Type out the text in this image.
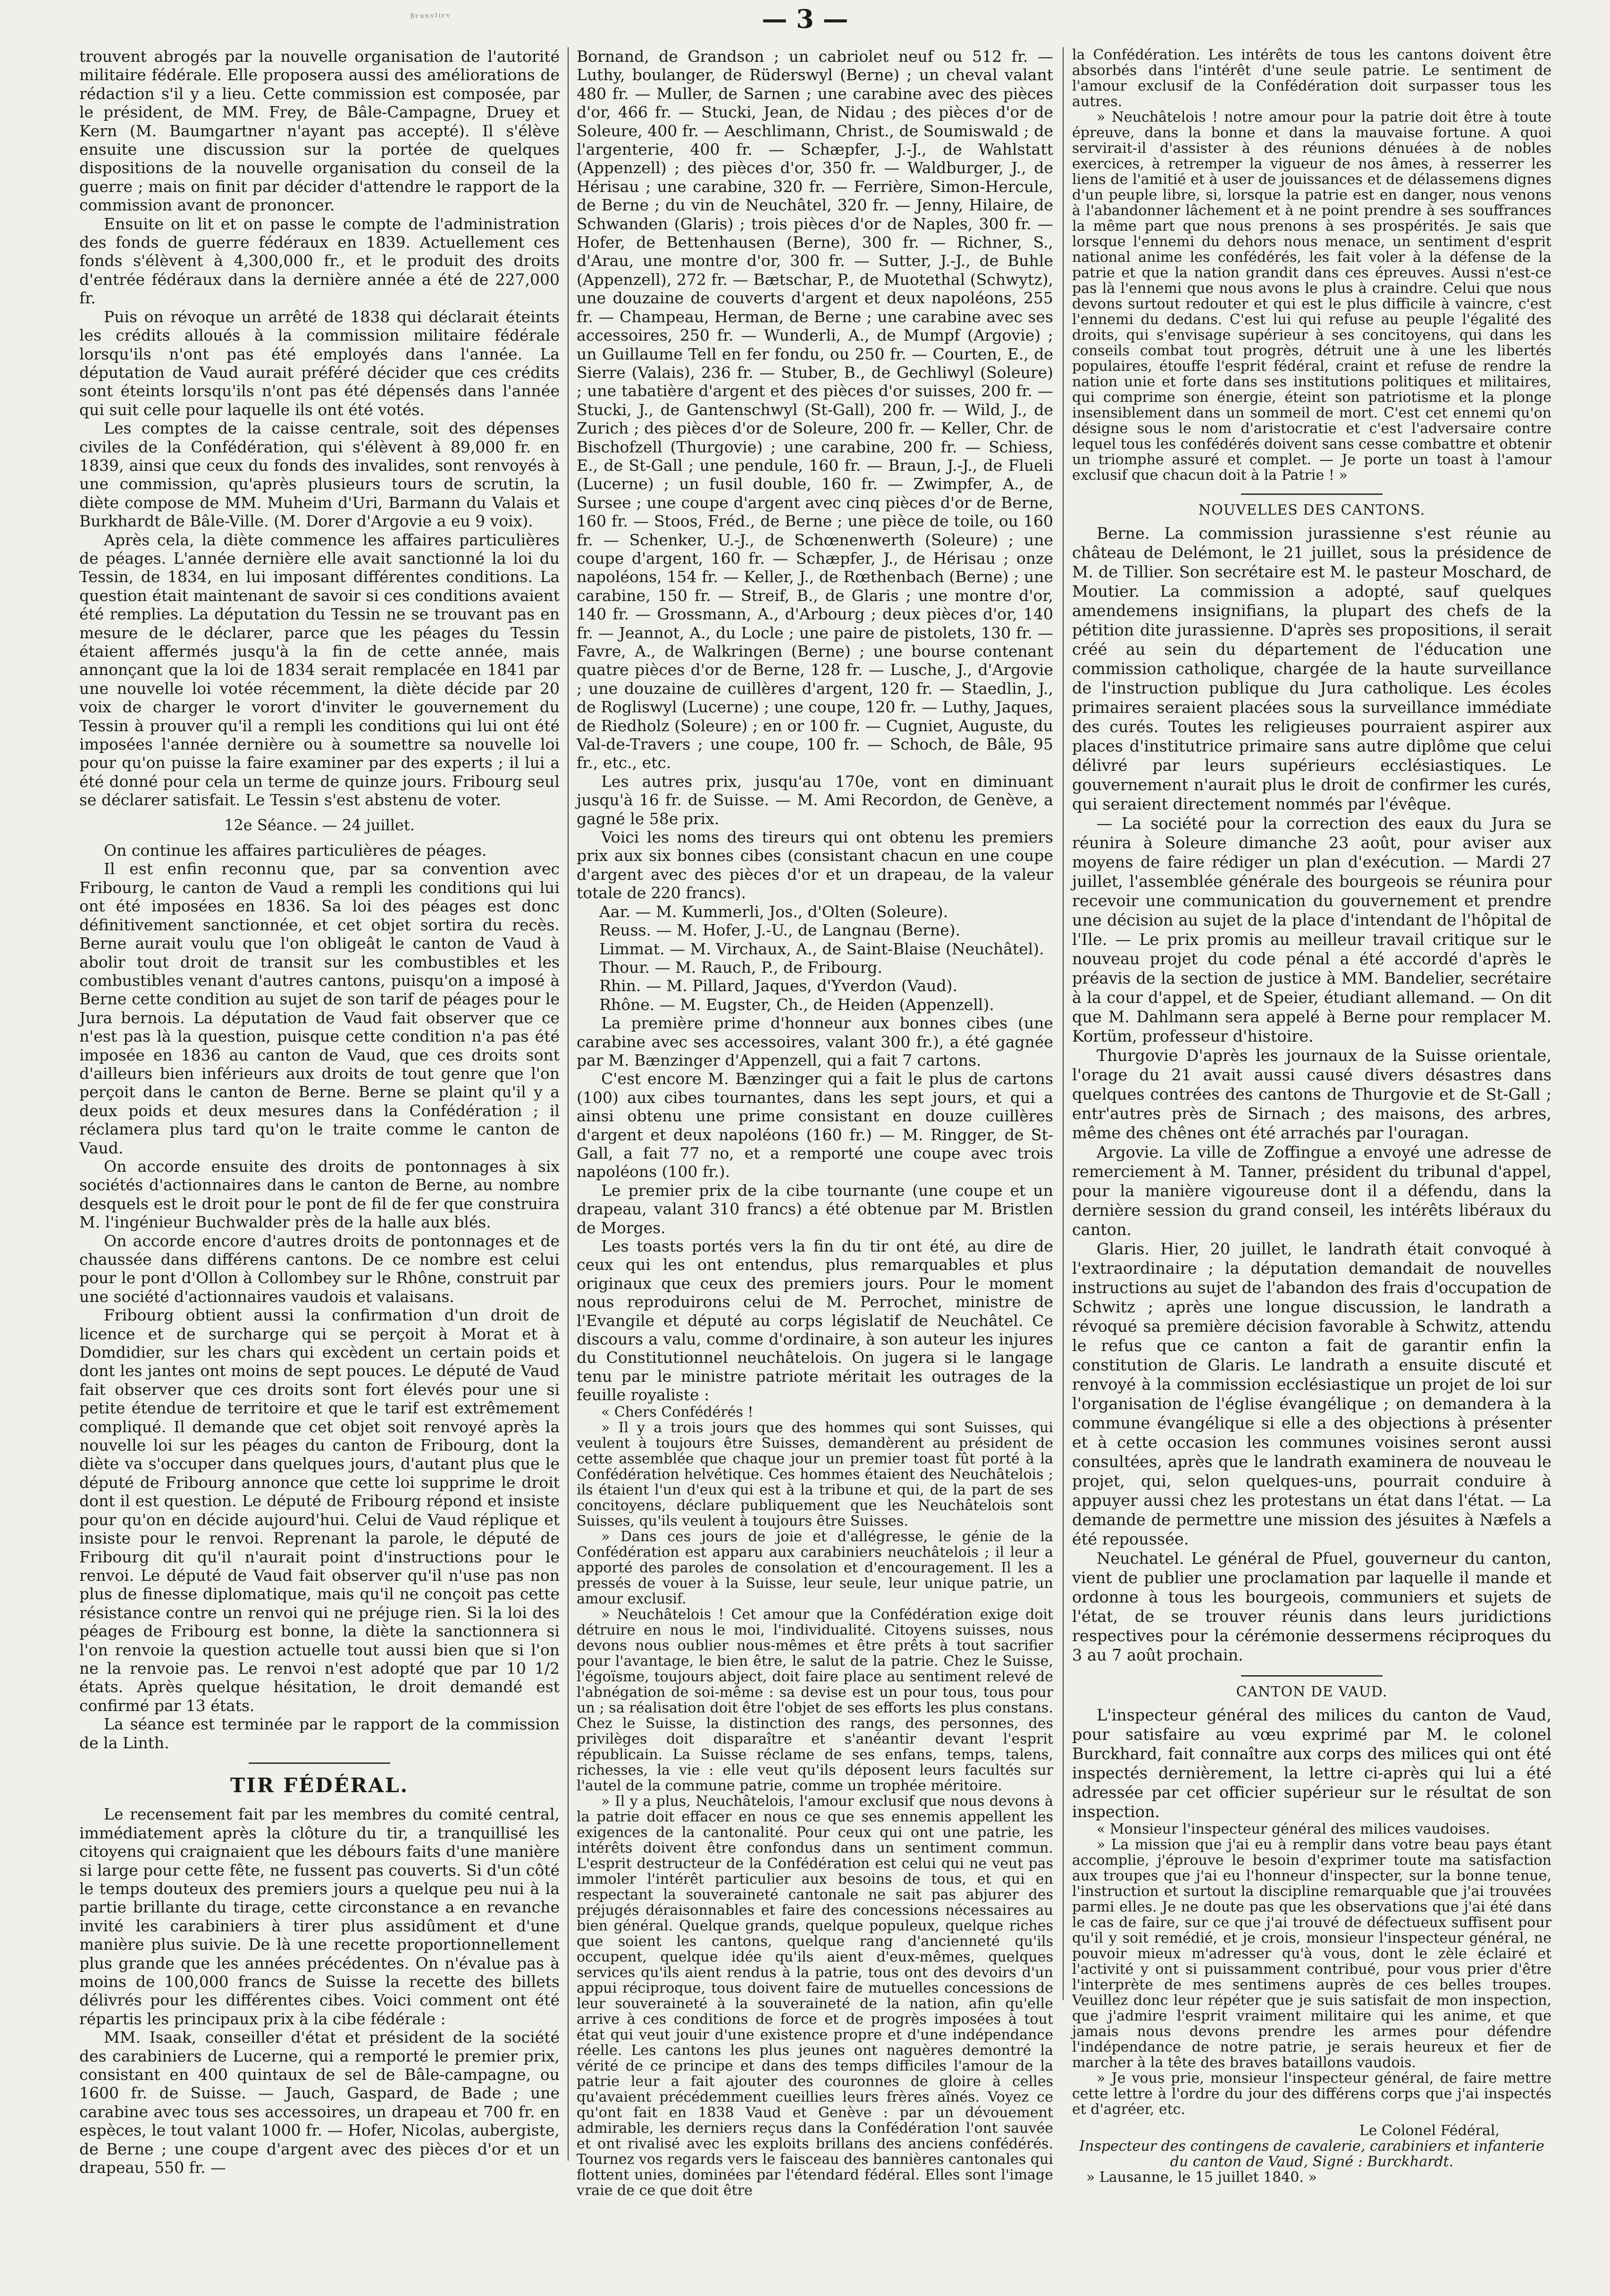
ᵦᵣᵤₙᵥₗᵢᵣᵥ	— 3 —

trouvent abrogés par la nouvelle organisation de l'autorité militaire fédérale. Elle proposera aussi des améliorations de rédaction s'il y a lieu. Cette commission est composée, par le président, de MM. Frey, de Bâle-Campagne, Druey et Kern (M. Baumgartner n'ayant pas accepté). Il s'élève ensuite une discussion sur la portée de quelques dispositions de la nouvelle organisation du conseil de la guerre ; mais on finit par décider d'attendre le rapport de la commission avant de prononcer.

Ensuite on lit et on passe le compte de l'administration des fonds de guerre fédéraux en 1839. Actuellement ces fonds s'élèvent à 4,300,000 fr., et le produit des droits d'entrée fédéraux dans la dernière année a été de 227,000 fr.

Puis on révoque un arrêté de 1838 qui déclarait éteints les crédits alloués à la commission militaire fédérale lorsqu'ils n'ont pas été employés dans l'année. La députation de Vaud aurait préféré décider que ces crédits sont éteints lorsqu'ils n'ont pas été dépensés dans l'année qui suit celle pour laquelle ils ont été votés.

Les comptes de la caisse centrale, soit des dépenses civiles de la Confédération, qui s'élèvent à 89,000 fr. en 1839, ainsi que ceux du fonds des invalides, sont renvoyés à une commission, qu'après plusieurs tours de scrutin, la diète compose de MM. Muheim d'Uri, Barmann du Valais et Burkhardt de Bâle-Ville. (M. Dorer d'Argovie a eu 9 voix).

Après cela, la diète commence les affaires particulières de péages. L'année dernière elle avait sanctionné la loi du Tessin, de 1834, en lui imposant différentes conditions. La question était maintenant de savoir si ces conditions avaient été remplies. La députation du Tessin ne se trouvant pas en mesure de le déclarer, parce que les péages du Tessin étaient affermés jusqu'à la fin de cette année, mais annonçant que la loi de 1834 serait remplacée en 1841 par une nouvelle loi votée récemment, la diète décide par 20 voix de charger le vorort d'inviter le gouvernement du Tessin à prouver qu'il a rempli les conditions qui lui ont été imposées l'année dernière ou à soumettre sa nouvelle loi pour qu'on puisse la faire examiner par des experts ; il lui a été donné pour cela un terme de quinze jours. Fribourg seul se déclarer satisfait. Le Tessin s'est abstenu de voter.

12e Séance. — 24 juillet.

On continue les affaires particulières de péages.

Il est enfin reconnu que, par sa convention avec Fribourg, le canton de Vaud a rempli les conditions qui lui ont été imposées en 1836. Sa loi des péages est donc définitivement sanctionnée, et cet objet sortira du recès. Berne aurait voulu que l'on obligeât le canton de Vaud à abolir tout droit de transit sur les combustibles et les combustibles venant d'autres cantons, puisqu'on a imposé à Berne cette condition au sujet de son tarif de péages pour le Jura bernois. La députation de Vaud fait observer que ce n'est pas là la question, puisque cette condition n'a pas été imposée en 1836 au canton de Vaud, que ces droits sont d'ailleurs bien inférieurs aux droits de tout genre que l'on perçoit dans le canton de Berne. Berne se plaint qu'il y a deux poids et deux mesures dans la Confédération ; il réclamera plus tard qu'on le traite comme le canton de Vaud.

On accorde ensuite des droits de pontonnages à six sociétés d'actionnaires dans le canton de Berne, au nombre desquels est le droit pour le pont de fil de fer que construira M. l'ingénieur Buchwalder près de la halle aux blés.

On accorde encore d'autres droits de pontonnages et de chaussée dans différens cantons. De ce nombre est celui pour le pont d'Ollon à Collombey sur le Rhône, construit par une société d'actionnaires vaudois et valaisans.

Fribourg obtient aussi la confirmation d'un droit de licence et de surcharge qui se perçoit à Morat et à Domdidier, sur les chars qui excèdent un certain poids et dont les jantes ont moins de sept pouces. Le député de Vaud fait observer que ces droits sont fort élevés pour une si petite étendue de territoire et que le tarif est extrêmement compliqué. Il demande que cet objet soit renvoyé après la nouvelle loi sur les péages du canton de Fribourg, dont la diète va s'occuper dans quelques jours, d'autant plus que le député de Fribourg annonce que cette loi supprime le droit dont il est question. Le député de Fribourg répond et insiste pour qu'on en décide aujourd'hui. Celui de Vaud réplique et insiste pour le renvoi. Reprenant la parole, le député de Fribourg dit qu'il n'aurait point d'instructions pour le renvoi. Le député de Vaud fait observer qu'il n'use pas non plus de finesse diplomatique, mais qu'il ne conçoit pas cette résistance contre un renvoi qui ne préjuge rien. Si la loi des péages de Fribourg est bonne, la diète la sanctionnera si l'on renvoie la question actuelle tout aussi bien que si l'on ne la renvoie pas. Le renvoi n'est adopté que par 10 1/2 états. Après quelque hésitation, le droit demandé est confirmé par 13 états.

La séance est terminée par le rapport de la commission de la Linth.

TIR FÉDÉRAL.

Le recensement fait par les membres du comité central, immédiatement après la clôture du tir, a tranquillisé les citoyens qui craignaient que les débours faits d'une manière si large pour cette fête, ne fussent pas couverts. Si d'un côté le temps douteux des premiers jours a quelque peu nui à la partie brillante du tirage, cette circonstance a en revanche invité les carabiniers à tirer plus assidûment et d'une manière plus suivie. De là une recette proportionnellement plus grande que les années précédentes. On n'évalue pas à moins de 100,000 francs de Suisse la recette des billets délivrés pour les différentes cibes. Voici comment ont été répartis les principaux prix à la cibe fédérale :

MM. Isaak, conseiller d'état et président de la société des carabiniers de Lucerne, qui a remporté le premier prix, consistant en 400 quintaux de sel de Bâle-campagne, ou 1600 fr. de Suisse. — Jauch, Gaspard, de Bade ; une carabine avec tous ses accessoires, un drapeau et 700 fr. en espèces, le tout valant 1000 fr. — Hofer, Nicolas, aubergiste, de Berne ; une coupe d'argent avec des pièces d'or et un drapeau, 550 fr. —

Bornand, de Grandson ; un cabriolet neuf ou 512 fr. — Luthy, boulanger, de Rüderswyl (Berne) ; un cheval valant 480 fr. — Muller, de Sarnen ; une carabine avec des pièces d'or, 466 fr. — Stucki, Jean, de Nidau ; des pièces d'or de Soleure, 400 fr. — Aeschlimann, Christ., de Soumiswald ; de l'argenterie, 400 fr. — Schæpfer, J.-J., de Wahlstatt (Appenzell) ; des pièces d'or, 350 fr. — Waldburger, J., de Hérisau ; une carabine, 320 fr. — Ferrière, Simon-Hercule, de Berne ; du vin de Neuchâtel, 320 fr. — Jenny, Hilaire, de Schwanden (Glaris) ; trois pièces d'or de Naples, 300 fr. — Hofer, de Bettenhausen (Berne), 300 fr. — Richner, S., d'Arau, une montre d'or, 300 fr. — Sutter, J.-J., de Buhle (Appenzell), 272 fr. — Bætschar, P., de Muotethal (Schwytz), une douzaine de couverts d'argent et deux napoléons, 255 fr. — Champeau, Herman, de Berne ; une carabine avec ses accessoires, 250 fr. — Wunderli, A., de Mumpf (Argovie) ; un Guillaume Tell en fer fondu, ou 250 fr. — Courten, E., de Sierre (Valais), 236 fr. — Stuber, B., de Gechliwyl (Soleure) ; une tabatière d'argent et des pièces d'or suisses, 200 fr. — Stucki, J., de Gantenschwyl (St-Gall), 200 fr. — Wild, J., de Zurich ; des pièces d'or de Soleure, 200 fr. — Keller, Chr. de Bischofzell (Thurgovie) ; une carabine, 200 fr. — Schiess, E., de St-Gall ; une pendule, 160 fr. — Braun, J.-J., de Flueli (Lucerne) ; un fusil double, 160 fr. — Zwimpfer, A., de Sursee ; une coupe d'argent avec cinq pièces d'or de Berne, 160 fr. — Stoos, Fréd., de Berne ; une pièce de toile, ou 160 fr. — Schenker, U.-J., de Schœnenwerth (Soleure) ; une coupe d'argent, 160 fr. — Schæpfer, J., de Hérisau ; onze napoléons, 154 fr. — Keller, J., de Rœthenbach (Berne) ; une carabine, 150 fr. — Streif, B., de Glaris ; une montre d'or, 140 fr. — Grossmann, A., d'Arbourg ; deux pièces d'or, 140 fr. — Jeannot, A., du Locle ; une paire de pistolets, 130 fr. — Favre, A., de Walkringen (Berne) ; une bourse contenant quatre pièces d'or de Berne, 128 fr. — Lusche, J., d'Argovie ; une douzaine de cuillères d'argent, 120 fr. — Staedlin, J., de Rogliswyl (Lucerne) ; une coupe, 120 fr. — Luthy, Jaques, de Riedholz (Soleure) ; en or 100 fr. — Cugniet, Auguste, du Val-de-Travers ; une coupe, 100 fr. — Schoch, de Bâle, 95 fr., etc., etc.

Les autres prix, jusqu'au 170e, vont en diminuant jusqu'à 16 fr. de Suisse. — M. Ami Recordon, de Genève, a gagné le 58e prix.

Voici les noms des tireurs qui ont obtenu les premiers prix aux six bonnes cibes (consistant chacun en une coupe d'argent avec des pièces d'or et un drapeau, de la valeur totale de 220 francs).

Aar. — M. Kummerli, Jos., d'Olten (Soleure).

Reuss. — M. Hofer, J.-U., de Langnau (Berne).

Limmat. — M. Virchaux, A., de Saint-Blaise (Neuchâtel).

Thour. — M. Rauch, P., de Fribourg.

Rhin. — M. Pillard, Jaques, d'Yverdon (Vaud).

Rhône. — M. Eugster, Ch., de Heiden (Appenzell).

La première prime d'honneur aux bonnes cibes (une carabine avec ses accessoires, valant 300 fr.), a été gagnée par M. Bænzinger d'Appenzell, qui a fait 7 cartons.

C'est encore M. Bænzinger qui a fait le plus de cartons (100) aux cibes tournantes, dans les sept jours, et qui a ainsi obtenu une prime consistant en douze cuillères d'argent et deux napoléons (160 fr.) — M. Ringger, de St-Gall, a fait 77 no, et a remporté une coupe avec trois napoléons (100 fr.).

Le premier prix de la cibe tournante (une coupe et un drapeau, valant 310 francs) a été obtenue par M. Bristlen de Morges.

Les toasts portés vers la fin du tir ont été, au dire de ceux qui les ont entendus, plus remarquables et plus originaux que ceux des premiers jours. Pour le moment nous reproduirons celui de M. Perrochet, ministre de l'Evangile et député au corps législatif de Neuchâtel. Ce discours a valu, comme d'ordinaire, à son auteur les injures du Constitutionnel neuchâtelois. On jugera si le langage tenu par le ministre patriote méritait les outrages de la feuille royaliste :

« Chers Confédérés !

» Il y a trois jours que des hommes qui sont Suisses, qui veulent à toujours être Suisses, demandèrent au président de cette assemblée que chaque jour un premier toast fût porté à la Confédération helvétique. Ces hommes étaient des Neuchâtelois ; ils étaient l'un d'eux qui est à la tribune et qui, de la part de ses concitoyens, déclare publiquement que les Neuchâtelois sont Suisses, qu'ils veulent à toujours être Suisses.

» Dans ces jours de joie et d'allégresse, le génie de la Confédération est apparu aux carabiniers neuchâtelois ; il leur a apporté des paroles de consolation et d'encouragement. Il les a pressés de vouer à la Suisse, leur seule, leur unique patrie, un amour exclusif.

» Neuchâtelois ! Cet amour que la Confédération exige doit détruire en nous le moi, l'individualité. Citoyens suisses, nous devons nous oublier nous-mêmes et être prêts à tout sacrifier pour l'avantage, le bien être, le salut de la patrie. Chez le Suisse, l'égoïsme, toujours abject, doit faire place au sentiment relevé de l'abnégation de soi-même : sa devise est un pour tous, tous pour un ; sa réalisation doit être l'objet de ses efforts les plus constans. Chez le Suisse, la distinction des rangs, des personnes, des privilèges doit disparaître et s'anéantir devant l'esprit républicain. La Suisse réclame de ses enfans, temps, talens, richesses, la vie : elle veut qu'ils déposent leurs facultés sur l'autel de la commune patrie, comme un trophée méritoire.

» Il y a plus, Neuchâtelois, l'amour exclusif que nous devons à la patrie doit effacer en nous ce que ses ennemis appellent les exigences de la cantonalité. Pour ceux qui ont une patrie, les intérêts doivent être confondus dans un sentiment commun. L'esprit destructeur de la Confédération est celui qui ne veut pas immoler l'intérêt particulier aux besoins de tous, et qui en respectant la souveraineté cantonale ne sait pas abjurer des préjugés déraisonnables et faire des concessions nécessaires au bien général. Quelque grands, quelque populeux, quelque riches que soient les cantons, quelque rang d'ancienneté qu'ils occupent, quelque idée qu'ils aient d'eux-mêmes, quelques services qu'ils aient rendus à la patrie, tous ont des devoirs d'un appui réciproque, tous doivent faire de mutuelles concessions de leur souveraineté à la souveraineté de la nation, afin qu'elle arrive à ces conditions de force et de progrès imposées à tout état qui veut jouir d'une existence propre et d'une indépendance réelle. Les cantons les plus jeunes ont naguères demontré la vérité de ce principe et dans des temps difficiles l'amour de la patrie leur a fait ajouter des couronnes de gloire à celles qu'avaient précédemment cueillies leurs frères aînés. Voyez ce qu'ont fait en 1838 Vaud et Genève : par un dévouement admirable, les derniers reçus dans la Confédération l'ont sauvée et ont rivalisé avec les exploits brillans des anciens confédérés. Tournez vos regards vers le faisceau des bannières cantonales qui flottent unies, dominées par l'étendard fédéral. Elles sont l'image vraie de ce que doit être

la Confédération. Les intérêts de tous les cantons doivent être absorbés dans l'intérêt d'une seule patrie. Le sentiment de l'amour exclusif de la Confédération doit surpasser tous les autres.

» Neuchâtelois ! notre amour pour la patrie doit être à toute épreuve, dans la bonne et dans la mauvaise fortune. A quoi servirait-il d'assister à des réunions dénuées à de nobles exercices, à retremper la vigueur de nos âmes, à resserrer les liens de l'amitié et à user de jouissances et de délassemens dignes d'un peuple libre, si, lorsque la patrie est en danger, nous venons à l'abandonner lâchement et à ne point prendre à ses souffrances la même part que nous prenons à ses prospérités. Je sais que lorsque l'ennemi du dehors nous menace, un sentiment d'esprit national anime les confédérés, les fait voler à la défense de la patrie et que la nation grandit dans ces épreuves. Aussi n'est-ce pas là l'ennemi que nous avons le plus à craindre. Celui que nous devons surtout redouter et qui est le plus difficile à vaincre, c'est l'ennemi du dedans. C'est lui qui refuse au peuple l'égalité des droits, qui s'envisage supérieur à ses concitoyens, qui dans les conseils combat tout progrès, détruit une à une les libertés populaires, étouffe l'esprit fédéral, craint et refuse de rendre la nation unie et forte dans ses institutions politiques et militaires, qui comprime son énergie, éteint son patriotisme et la plonge insensiblement dans un sommeil de mort. C'est cet ennemi qu'on désigne sous le nom d'aristocratie et c'est l'adversaire contre lequel tous les confédérés doivent sans cesse combattre et obtenir un triomphe assuré et complet. — Je porte un toast à l'amour exclusif que chacun doit à la Patrie ! »

NOUVELLES DES CANTONS.

Berne. La commission jurassienne s'est réunie au château de Delémont, le 21 juillet, sous la présidence de M. de Tillier. Son secrétaire est M. le pasteur Moschard, de Moutier. La commission a adopté, sauf quelques amendemens insignifians, la plupart des chefs de la pétition dite jurassienne. D'après ses propositions, il serait créé au sein du département de l'éducation une commission catholique, chargée de la haute surveillance de l'instruction publique du Jura catholique. Les écoles primaires seraient placées sous la surveillance immédiate des curés. Toutes les religieuses pourraient aspirer aux places d'institutrice primaire sans autre diplôme que celui délivré par leurs supérieurs ecclésiastiques. Le gouvernement n'aurait plus le droit de confirmer les curés, qui seraient directement nommés par l'évêque.

— La société pour la correction des eaux du Jura se réunira à Soleure dimanche 23 août, pour aviser aux moyens de faire rédiger un plan d'exécution. — Mardi 27 juillet, l'assemblée générale des bourgeois se réunira pour recevoir une communication du gouvernement et prendre une décision au sujet de la place d'intendant de l'hôpital de l'Ile. — Le prix promis au meilleur travail critique sur le nouveau projet du code pénal a été accordé d'après le préavis de la section de justice à MM. Bandelier, secrétaire à la cour d'appel, et de Speier, étudiant allemand. — On dit que M. Dahlmann sera appelé à Berne pour remplacer M. Kortüm, professeur d'histoire.

Thurgovie D'après les journaux de la Suisse orientale, l'orage du 21 avait aussi causé divers désastres dans quelques contrées des cantons de Thurgovie et de St-Gall ; entr'autres près de Sirnach ; des maisons, des arbres, même des chênes ont été arrachés par l'ouragan.

Argovie. La ville de Zoffingue a envoyé une adresse de remerciement à M. Tanner, président du tribunal d'appel, pour la manière vigoureuse dont il a défendu, dans la dernière session du grand conseil, les intérêts libéraux du canton.

Glaris. Hier, 20 juillet, le landrath était convoqué à l'extraordinaire ; la députation demandait de nouvelles instructions au sujet de l'abandon des frais d'occupation de Schwitz ; après une longue discussion, le landrath a révoqué sa première décision favorable à Schwitz, attendu le refus que ce canton a fait de garantir enfin la constitution de Glaris. Le landrath a ensuite discuté et renvoyé à la commission ecclésiastique un projet de loi sur l'organisation de l'église évangélique ; on demandera à la commune évangélique si elle a des objections à présenter et à cette occasion les communes voisines seront aussi consultées, après que le landrath examinera de nouveau le projet, qui, selon quelques-uns, pourrait conduire à appuyer aussi chez les protestans un état dans l'état. — La demande de permettre une mission des jésuites à Næfels a été repoussée.

Neuchatel. Le général de Pfuel, gouverneur du canton, vient de publier une proclamation par laquelle il mande et ordonne à tous les bourgeois, communiers et sujets de l'état, de se trouver réunis dans leurs juridictions respectives pour la cérémonie dessermens réciproques du 3 au 7 août prochain.

CANTON DE VAUD.

L'inspecteur général des milices du canton de Vaud, pour satisfaire au vœu exprimé par M. le colonel Burckhard, fait connaître aux corps des milices qui ont été inspectés dernièrement, la lettre ci-après qui lui a été adressée par cet officier supérieur sur le résultat de son inspection.

« Monsieur l'inspecteur général des milices vaudoises.

» La mission que j'ai eu à remplir dans votre beau pays étant accomplie, j'éprouve le besoin d'exprimer toute ma satisfaction aux troupes que j'ai eu l'honneur d'inspecter, sur la bonne tenue, l'instruction et surtout la discipline remarquable que j'ai trouvées parmi elles. Je ne doute pas que les observations que j'ai été dans le cas de faire, sur ce que j'ai trouvé de défectueux suffisent pour qu'il y soit remédié, et je crois, monsieur l'inspecteur général, ne pouvoir mieux m'adresser qu'à vous, dont le zèle éclairé et l'activité y ont si puissamment contribué, pour vous prier d'être l'interprète de mes sentimens auprès de ces belles troupes. Veuillez donc leur répéter que je suis satisfait de mon inspection, que j'admire l'esprit vraiment militaire qui les anime, et que jamais nous devons prendre les armes pour défendre l'indépendance de notre patrie, je serais heureux et fier de marcher à la tête des braves bataillons vaudois.

» Je vous prie, monsieur l'inspecteur général, de faire mettre cette lettre à l'ordre du jour des différens corps que j'ai inspectés et d'agréer, etc.

Le Colonel Fédéral,
Inspecteur des contingens de cavalerie, carabiniers et infanterie du canton de Vaud, Signé : Burckhardt.

» Lausanne, le 15 juillet 1840. »
